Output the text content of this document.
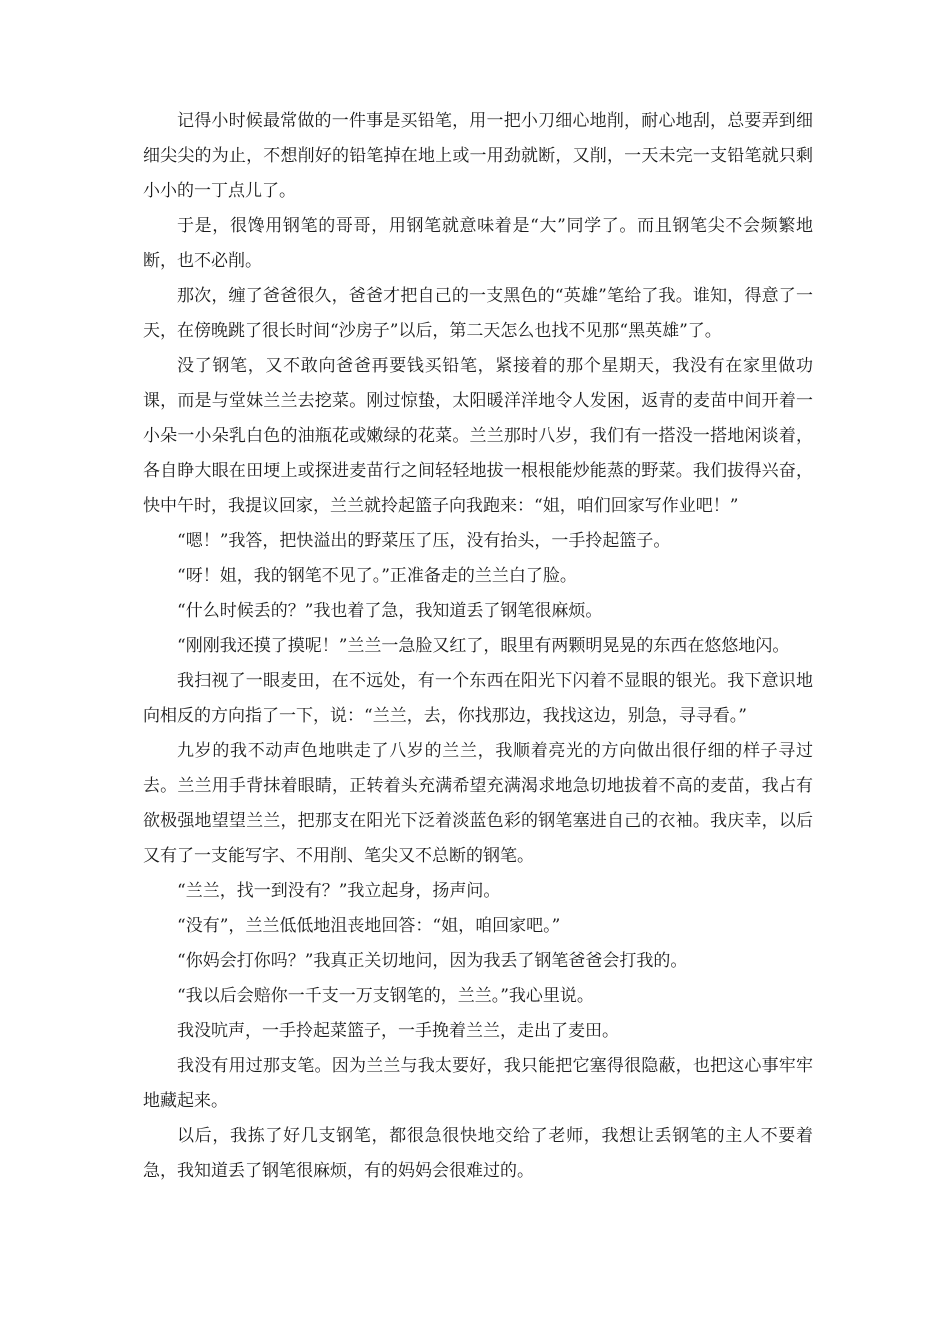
记得小时候最常做的一件事是买铅笔，用一把小刀细心地削，耐心地刮，总要弄到细细尖尖的为止，不想削好的铅笔掉在地上或一用劲就断，又削，一天未完一支铅笔就只剩小小的一丁点儿了。

于是，很馋用钢笔的哥哥，用钢笔就意味着是“大”同学了。而且钢笔尖不会频繁地断，也不必削。

那次，缠了爸爸很久，爸爸才把自己的一支黑色的“英雄”笔给了我。谁知，得意了一天，在傍晚跳了很长时间“沙房子”以后，第二天怎么也找不见那“黑英雄”了。

没了钢笔，又不敢向爸爸再要钱买铅笔，紧接着的那个星期天，我没有在家里做功课，而是与堂妹兰兰去挖菜。刚过惊蛰，太阳暖洋洋地令人发困，返青的麦苗中间开着一小朵一小朵乳白色的油瓶花或嫩绿的花菜。兰兰那时八岁，我们有一搭没一搭地闲谈着，各自睁大眼在田埂上或探进麦苗行之间轻轻地拔一根根能炒能蒸的野菜。我们拔得兴奋，快中午时，我提议回家，兰兰就拎起篮子向我跑来：“姐，咱们回家写作业吧！”

“嗯！”我答，把快溢出的野菜压了压，没有抬头，一手拎起篮子。

“呀！姐，我的钢笔不见了。”正准备走的兰兰白了脸。

“什么时候丢的？”我也着了急，我知道丢了钢笔很麻烦。

“刚刚我还摸了摸呢！”兰兰一急脸又红了，眼里有两颗明晃晃的东西在悠悠地闪。

我扫视了一眼麦田，在不远处，有一个东西在阳光下闪着不显眼的银光。我下意识地向相反的方向指了一下，说：“兰兰，去，你找那边，我找这边，别急，寻寻看。”

九岁的我不动声色地哄走了八岁的兰兰，我顺着亮光的方向做出很仔细的样子寻过去。兰兰用手背抹着眼睛，正转着头充满希望充满渴求地急切地拔着不高的麦苗，我占有欲极强地望望兰兰，把那支在阳光下泛着淡蓝色彩的钢笔塞进自己的衣袖。我庆幸，以后又有了一支能写字、不用削、笔尖又不总断的钢笔。

“兰兰，找一到没有？”我立起身，扬声问。

“没有”，兰兰低低地沮丧地回答：“姐，咱回家吧。”

“你妈会打你吗？”我真正关切地问，因为我丢了钢笔爸爸会打我的。

“我以后会赔你一千支一万支钢笔的，兰兰。”我心里说。

我没吭声，一手拎起菜篮子，一手挽着兰兰，走出了麦田。

我没有用过那支笔。因为兰兰与我太要好，我只能把它塞得很隐蔽，也把这心事牢牢地藏起来。

以后，我拣了好几支钢笔，都很急很快地交给了老师，我想让丢钢笔的主人不要着急，我知道丢了钢笔很麻烦，有的妈妈会很难过的。
